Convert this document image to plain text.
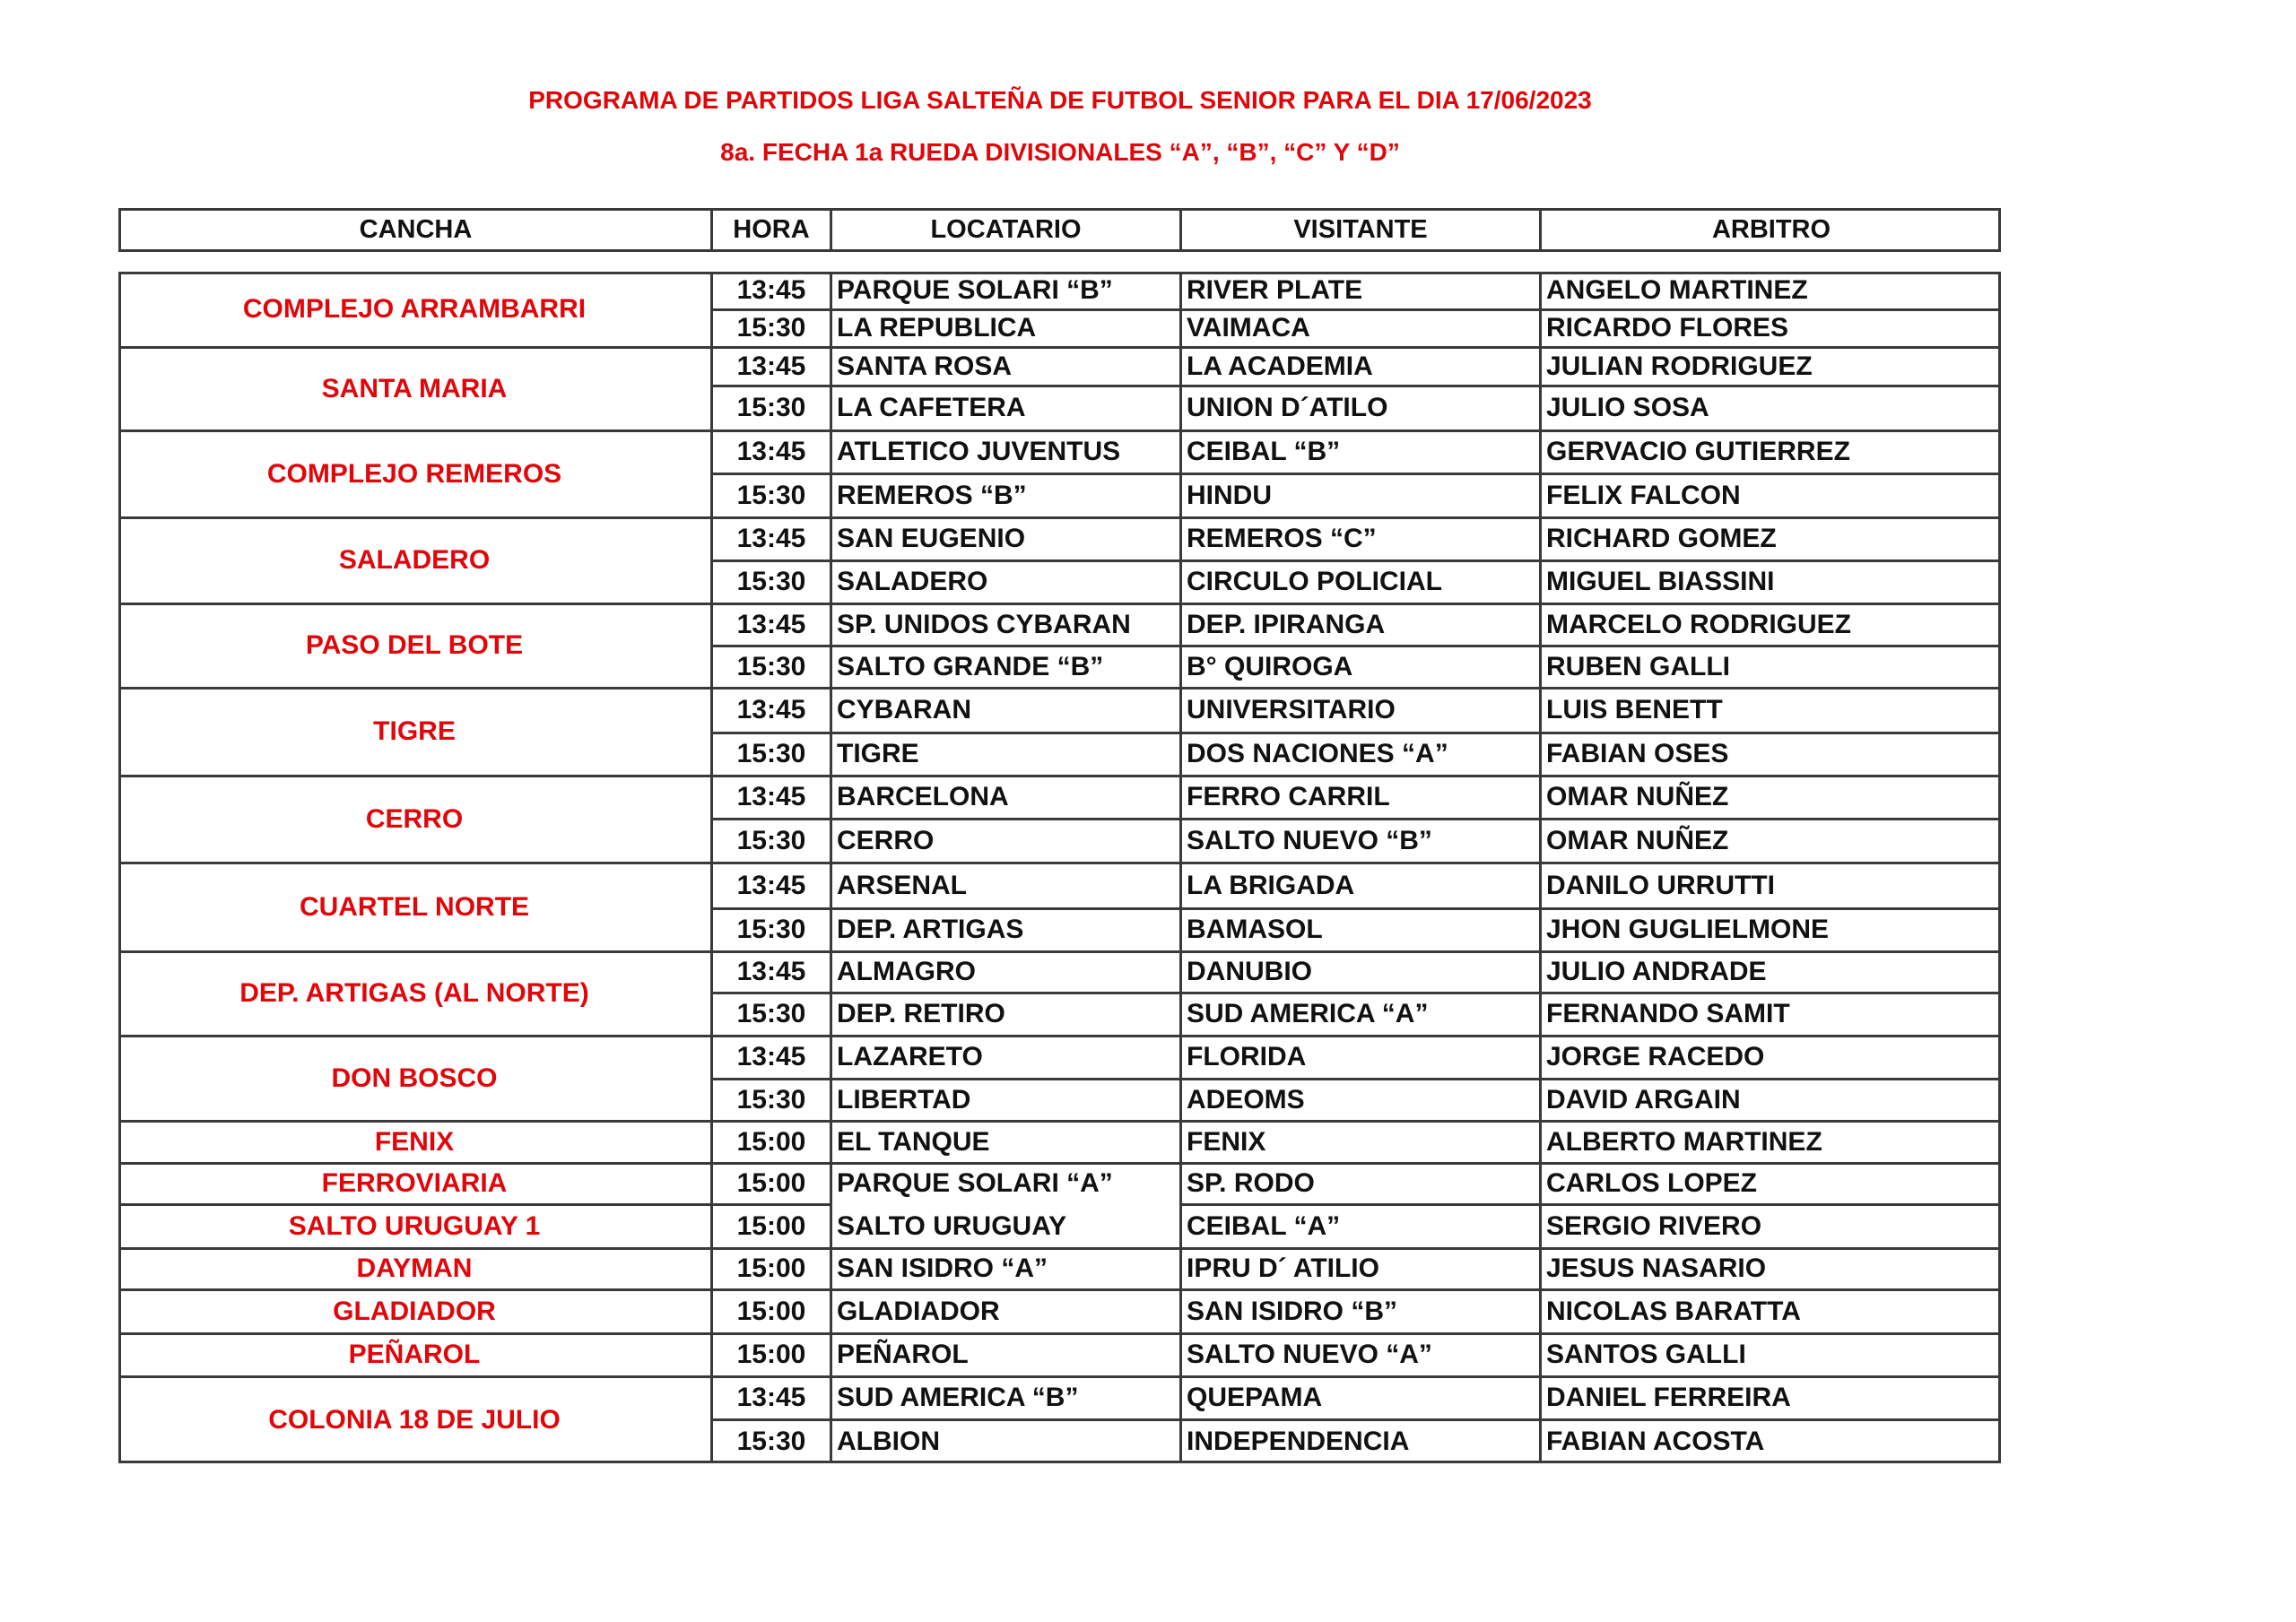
PROGRAMA DE PARTIDOS LIGA SALTEÑA DE FUTBOL SENIOR PARA EL DIA 17/06/2023
8a. FECHA 1a RUEDA DIVISIONALES “A”, “B”, “C” Y “D”
CANCHA	HORA	LOCATARIO	VISITANTE	ARBITRO
COMPLEJO ARRAMBARRI
13:45	PARQUE SOLARI “B”	RIVER PLATE	ANGELO MARTINEZ
15:30	LA REPUBLICA	VAIMACA	RICARDO FLORES
SANTA MARIA
13:45	SANTA ROSA	LA ACADEMIA	JULIAN RODRIGUEZ
15:30	LA CAFETERA	UNION D´ATILO	JULIO SOSA
COMPLEJO REMEROS
13:45	ATLETICO JUVENTUS	CEIBAL “B”	GERVACIO GUTIERREZ
15:30	REMEROS “B”	HINDU	FELIX FALCON
SALADERO
13:45	SAN EUGENIO	REMEROS “C”	RICHARD GOMEZ
15:30	SALADERO	CIRCULO POLICIAL	MIGUEL BIASSINI
PASO DEL BOTE
13:45	SP. UNIDOS CYBARAN	DEP. IPIRANGA	MARCELO RODRIGUEZ
15:30	SALTO GRANDE “B”	B° QUIROGA	RUBEN GALLI
TIGRE
13:45	CYBARAN	UNIVERSITARIO	LUIS BENETT
15:30	TIGRE	DOS NACIONES “A”	FABIAN OSES
CERRO
13:45	BARCELONA	FERRO CARRIL	OMAR NUÑEZ
15:30	CERRO	SALTO NUEVO “B”	OMAR NUÑEZ
CUARTEL NORTE
13:45	ARSENAL	LA BRIGADA	DANILO URRUTTI
15:30	DEP. ARTIGAS	BAMASOL	JHON GUGLIELMONE
DEP. ARTIGAS (AL NORTE)
13:45	ALMAGRO	DANUBIO	JULIO ANDRADE
15:30	DEP. RETIRO	SUD AMERICA “A”	FERNANDO SAMIT
DON BOSCO
13:45	LAZARETO	FLORIDA	JORGE RACEDO
15:30	LIBERTAD	ADEOMS	DAVID ARGAIN
FENIX	15:00	EL TANQUE	FENIX	ALBERTO MARTINEZ
FERROVIARIA	15:00	PARQUE SOLARI “A”	SP. RODO	CARLOS LOPEZ
SALTO URUGUAY 1	15:00	SALTO URUGUAY	CEIBAL “A”	SERGIO RIVERO
DAYMAN	15:00	SAN ISIDRO “A”	IPRU D´ ATILIO	JESUS NASARIO
GLADIADOR	15:00	GLADIADOR	SAN ISIDRO “B”	NICOLAS BARATTA
PEÑAROL	15:00	PEÑAROL	SALTO NUEVO “A”	SANTOS GALLI
COLONIA 18 DE JULIO
13:45	SUD AMERICA “B”	QUEPAMA	DANIEL FERREIRA
15:30	ALBION	INDEPENDENCIA	FABIAN ACOSTA
